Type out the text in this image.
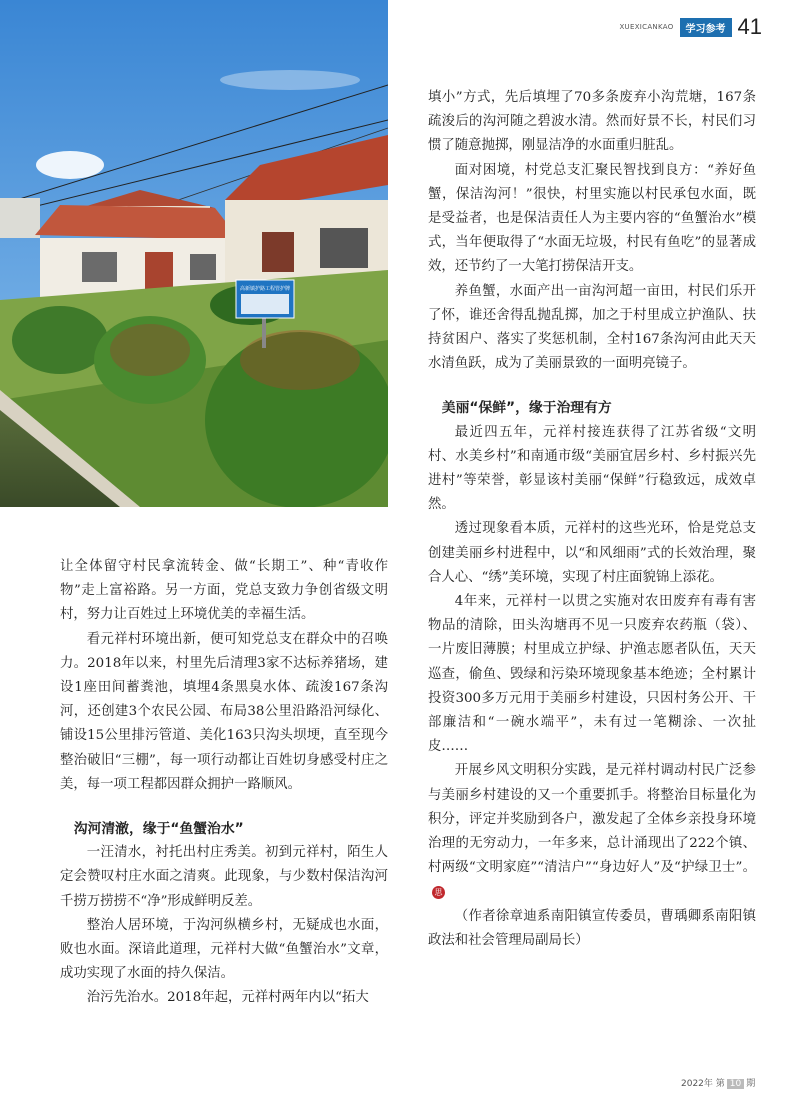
高新镇护路工程管护牌
XUEXICANKAO	学习参考 41

让全体留守村民拿流转金、做“长期工”、种“青收作物”走上富裕路。另一方面，党总支致力争创省级文明村，努力让百姓过上环境优美的幸福生活。

看元祥村环境出新，便可知党总支在群众中的召唤力。2018年以来，村里先后清理3家不达标养猪场，建设1座田间蓄粪池，填埋4条黑臭水体、疏浚167条沟河，还创建3个农民公园、布局38公里沿路沿河绿化、铺设15公里排污管道、美化163只沟头坝埂，直至现今整治破旧“三棚”，每一项行动都让百姓切身感受村庄之美，每一项工程都因群众拥护一路顺风。

沟河清澈，缘于“鱼蟹治水”

一汪清水，衬托出村庄秀美。初到元祥村，陌生人定会赞叹村庄水面之清爽。此现象，与少数村保洁沟河千捞万捞捞不“净”形成鲜明反差。

整治人居环境，于沟河纵横乡村，无疑成也水面，败也水面。深谙此道理，元祥村大做“鱼蟹治水”文章，成功实现了水面的持久保洁。

治污先治水。2018年起，元祥村两年内以“拓大

填小”方式，先后填埋了70多条废弃小沟荒塘，167条疏浚后的沟河随之碧波水清。然而好景不长，村民们习惯了随意抛掷，刚显洁净的水面重归脏乱。

面对困境，村党总支汇聚民智找到良方：“养好鱼蟹，保洁沟河！”很快，村里实施以村民承包水面，既是受益者，也是保洁责任人为主要内容的“鱼蟹治水”模式，当年便取得了“水面无垃圾，村民有鱼吃”的显著成效，还节约了一大笔打捞保洁开支。

养鱼蟹，水面产出一亩沟河超一亩田，村民们乐开了怀，谁还舍得乱抛乱掷，加之于村里成立护渔队、扶持贫困户、落实了奖惩机制，全村167条沟河由此天天水清鱼跃，成为了美丽景致的一面明亮镜子。

美丽“保鲜”，缘于治理有方

最近四五年，元祥村接连获得了江苏省级“文明村、水美乡村”和南通市级“美丽宜居乡村、乡村振兴先进村”等荣誉，彰显该村美丽“保鲜”行稳致远，成效卓然。

透过现象看本质，元祥村的这些光环，恰是党总支创建美丽乡村进程中，以“和风细雨”式的长效治理，聚合人心、“绣”美环境，实现了村庄面貌锦上添花。

4年来，元祥村一以贯之实施对农田废弃有毒有害物品的清除，田头沟塘再不见一只废弃农药瓶（袋）、一片废旧薄膜；村里成立护绿、护渔志愿者队伍，天天巡查，偷鱼、毁绿和污染环境现象基本绝迹；全村累计投资300多万元用于美丽乡村建设，只因村务公开、干部廉洁和“一碗水端平”，未有过一笔糊涂、一次扯皮……

开展乡风文明积分实践，是元祥村调动村民广泛参与美丽乡村建设的又一个重要抓手。将整治目标量化为积分，评定并奖励到各户，激发起了全体乡亲投身环境治理的无穷动力，一年多来，总计涌现出了222个镇、村两级“文明家庭”“清洁户”“身边好人”及“护绿卫士”。思

（作者徐章迪系南阳镇宣传委员，曹瑀卿系南阳镇政法和社会管理局副局长）

2022年 第 10 期
